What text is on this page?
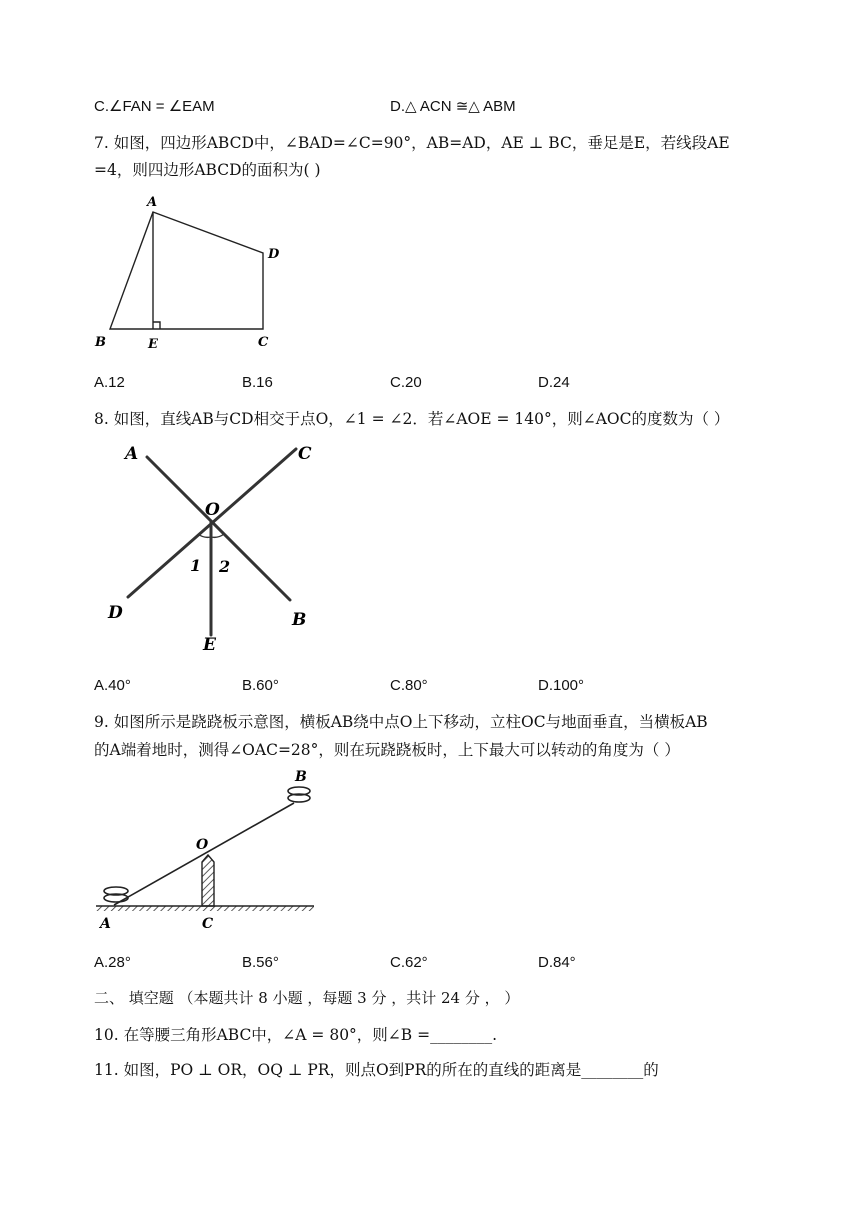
C.∠FAN = ∠EAM	D.△ ACN ≅△ ABM
7. 如图，四边形ABCD中，∠BAD=∠C=90°，AB=AD，AE ⊥ BC，垂足是E，若线段AE
=4，则四边形ABCD的面积为( )
A
D
B	E	C
A.12	B.16	C.20	D.24
8. 如图，直线AB与CD相交于点O，∠1 = ∠2．若∠AOE = 140°，则∠AOC的度数为（ ）
A	C
O
1 2
D	B
E
A.40°	B.60°	C.80°	D.100°
9. 如图所示是跷跷板示意图，横板AB绕中点O上下移动，立柱OC与地面垂直，当横板AB
的A端着地时，测得∠OAC=28°，则在玩跷跷板时，上下最大可以转动的角度为（ ）
B
O
A	C
A.28°	B.56°	C.62°	D.84°
二、 填空题 （本题共计 8 小题 ，每题 3 分 ，共计 24 分 ， ）
10. 在等腰三角形ABC中，∠A = 80°，则∠B =________.
11. 如图，PO ⊥ OR，OQ ⊥ PR，则点O到PR的所在的直线的距离是________的
